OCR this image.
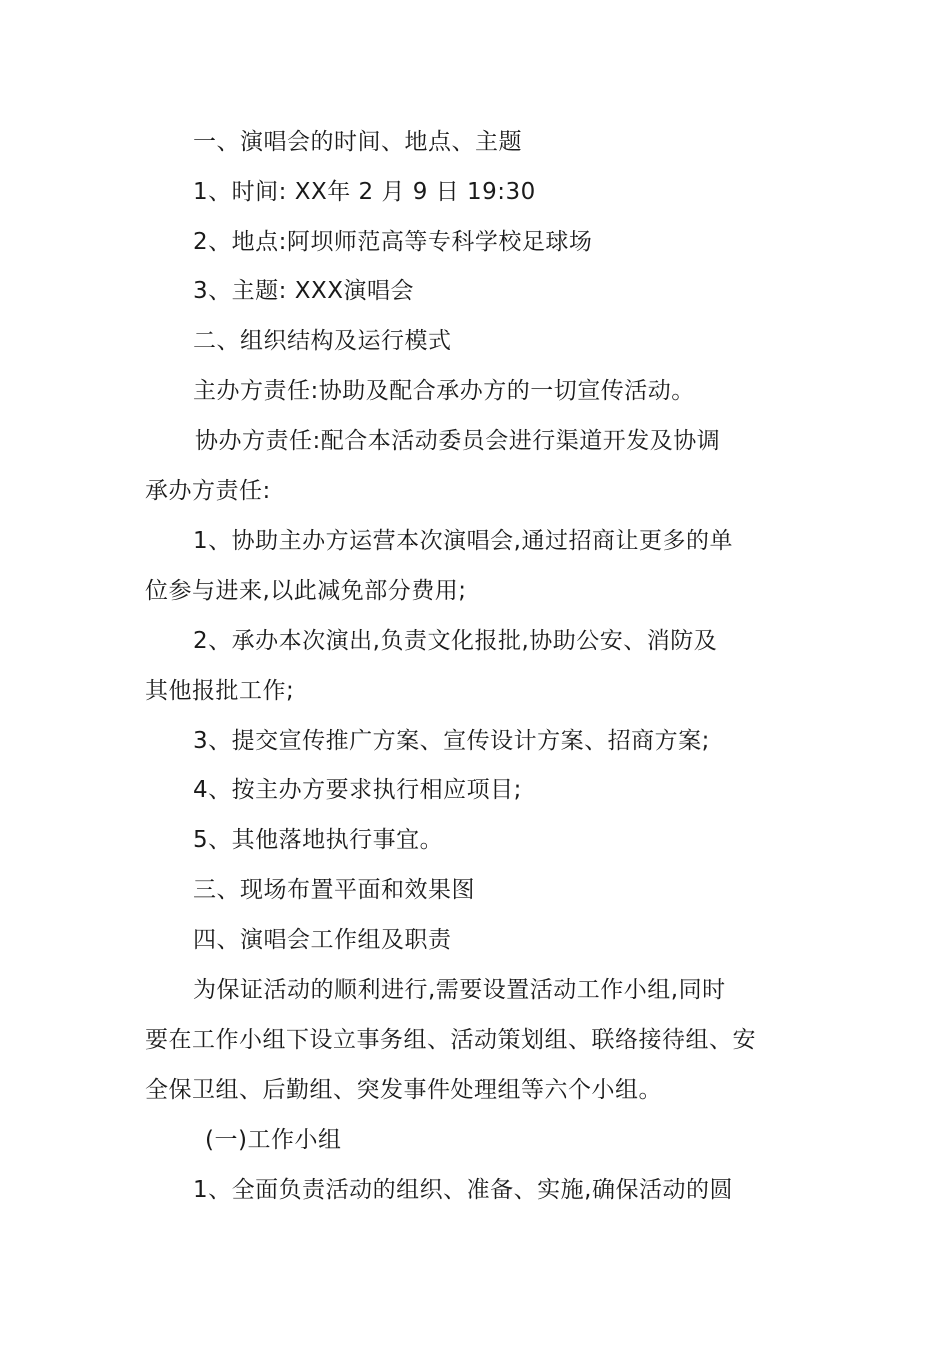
一、演唱会的时间、地点、主题
1、时间: XX年 2 月 9 日 19:30
2、地点:阿坝师范高等专科学校足球场
3、主题: XXX演唱会
二、组织结构及运行模式
主办方责任:协助及配合承办方的一切宣传活动。
协办方责任:配合本活动委员会进行渠道开发及协调
承办方责任:
1、协助主办方运营本次演唱会,通过招商让更多的单
位参与进来,以此减免部分费用;
2、承办本次演出,负责文化报批,协助公安、消防及
其他报批工作;
3、提交宣传推广方案、宣传设计方案、招商方案;
4、按主办方要求执行相应项目;
5、其他落地执行事宜。
三、现场布置平面和效果图
四、演唱会工作组及职责
为保证活动的顺利进行,需要设置活动工作小组,同时
要在工作小组下设立事务组、活动策划组、联络接待组、安
全保卫组、后勤组、突发事件处理组等六个小组。
(一)工作小组
1、全面负责活动的组织、准备、实施,确保活动的圆
